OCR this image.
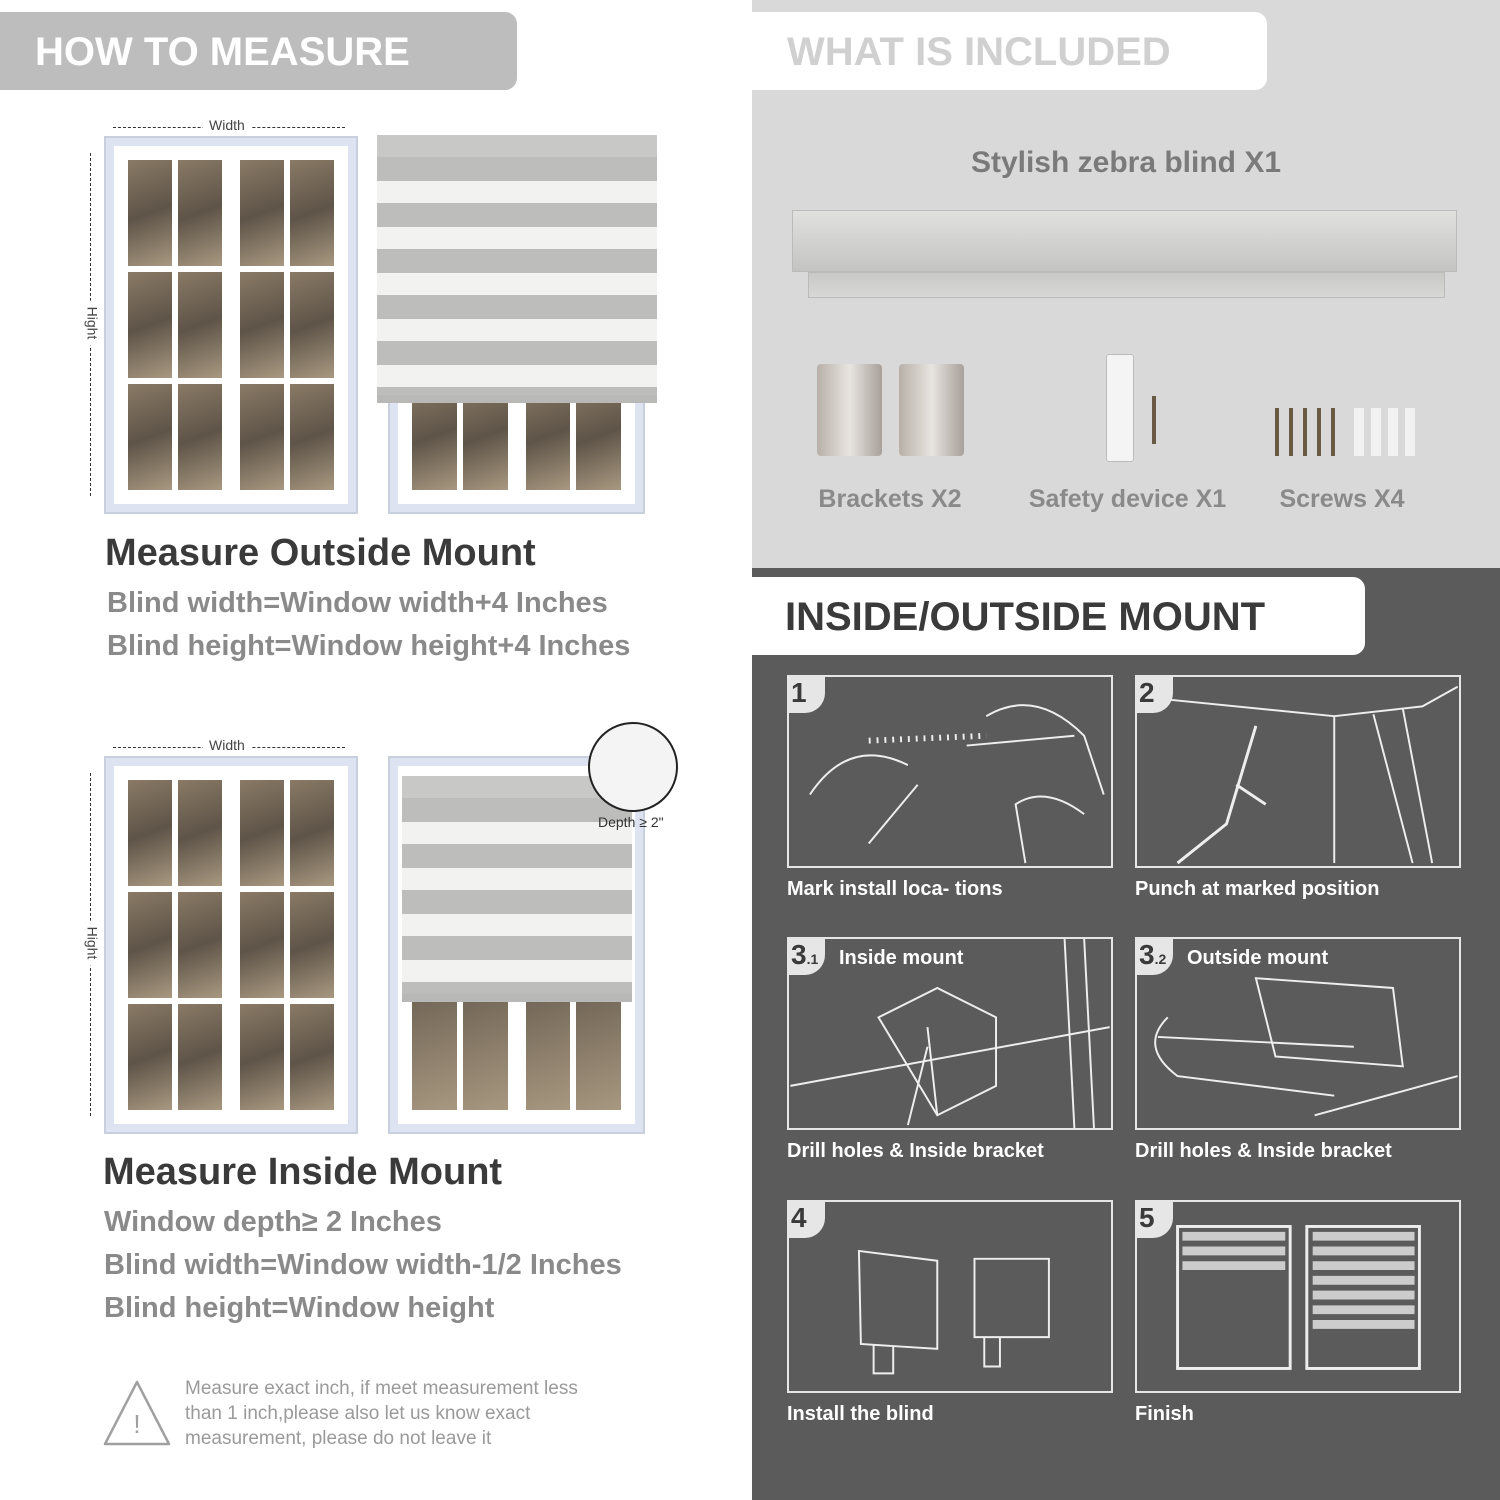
HOW TO MEASURE
Width
Hight
Measure Outside Mount
Blind width=Window width+4 Inches
Blind height=Window height+4 Inches
Width
Hight
Depth ≥ 2"
Measure Inside Mount
Window depth≥ 2 Inches
Blind width=Window width-1/2 Inches
Blind height=Window height
!
Measure exact inch, if meet measurement less
than 1 inch,please also let us know exact
measurement, please do not leave it
WHAT IS INCLUDED
Stylish zebra blind X1
Brackets X2	Safety device X1	Screws X4
INSIDE/OUTSIDE MOUNT
1
Mark install loca- tions
2
Punch at marked position
3.1	Inside mount
Drill holes & Inside bracket
3.2	Outside mount
Drill holes & Inside bracket
4
Install the blind
5
Finish
